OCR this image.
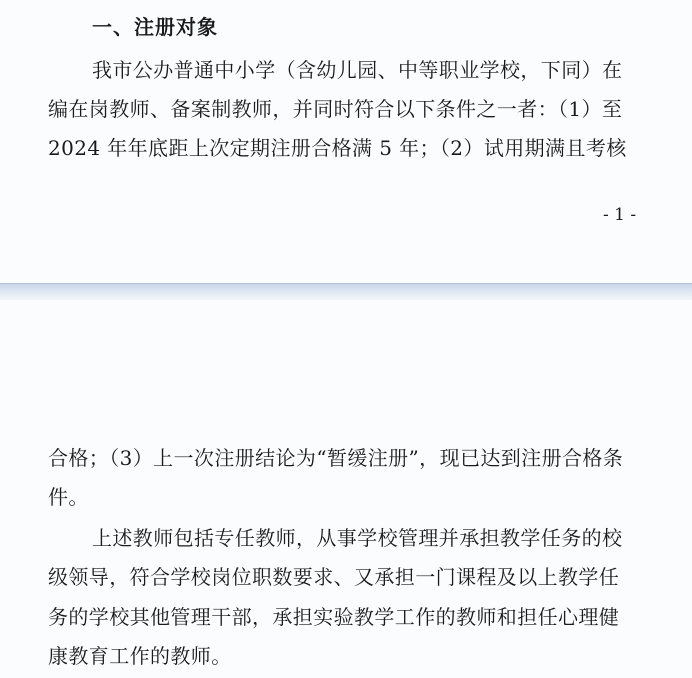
一、注册对象
我市公办普通中小学（含幼儿园、中等职业学校，下同）在
编在岗教师、备案制教师，并同时符合以下条件之一者：（1）至
2024 年年底距上次定期注册合格满 5 年；（2）试用期满且考核
- 1 -
合格；（3）上一次注册结论为“暂缓注册”，现已达到注册合格条
件。
上述教师包括专任教师，从事学校管理并承担教学任务的校
级领导，符合学校岗位职数要求、又承担一门课程及以上教学任
务的学校其他管理干部，承担实验教学工作的教师和担任心理健
康教育工作的教师。
